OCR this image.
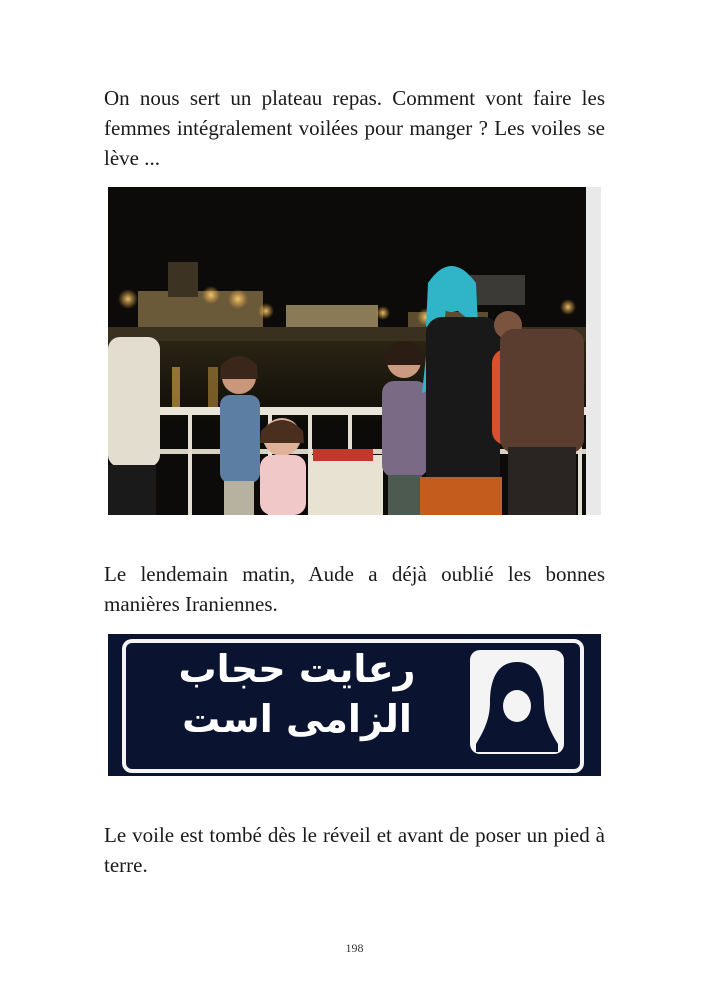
On nous sert un plateau repas. Comment vont faire les femmes intégralement voilées pour manger ? Les voiles se lève ...

Le lendemain matin, Aude a déjà oublié les bonnes manières Iraniennes.

رعايت حجاب
الزامی است

Le voile est tombé dès le réveil et avant de poser un pied à terre.

198
